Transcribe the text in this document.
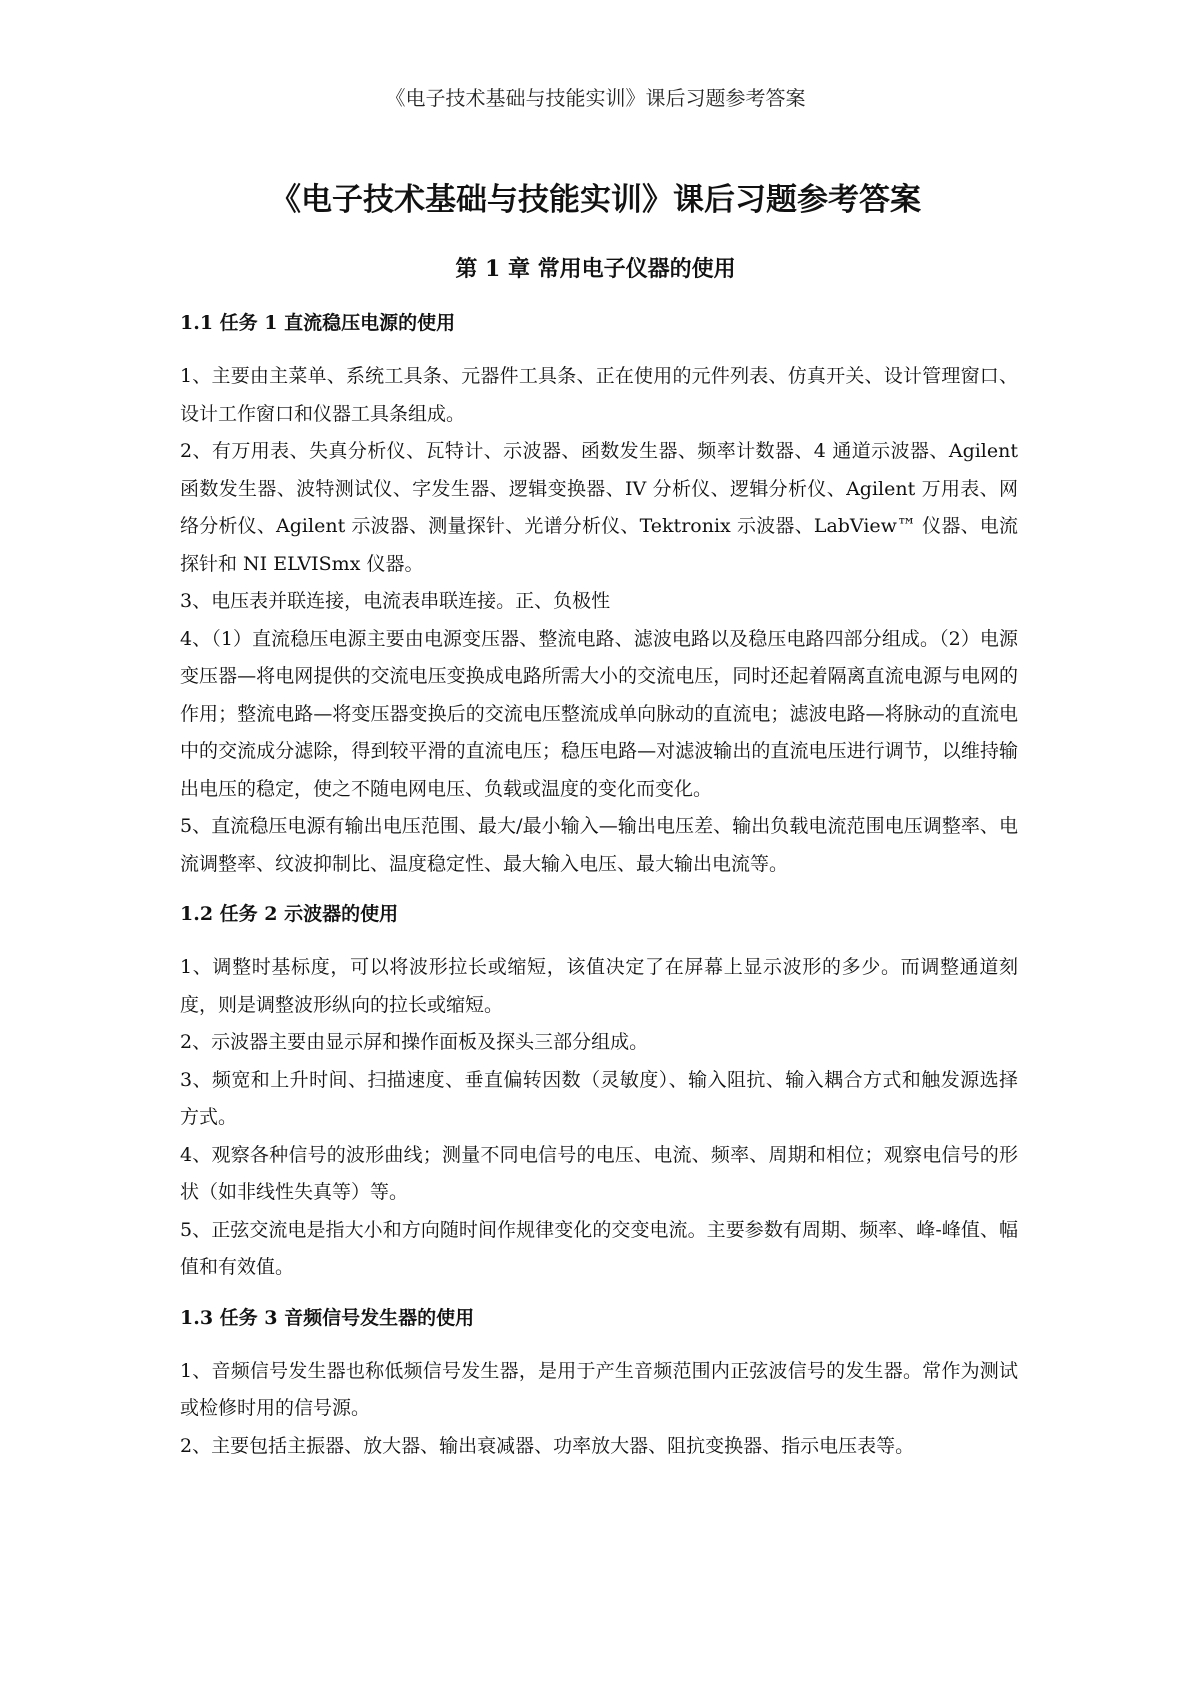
《电子技术基础与技能实训》课后习题参考答案
《电子技术基础与技能实训》课后习题参考答案
第 1 章 常用电子仪器的使用
1.1 任务 1 直流稳压电源的使用

1、主要由主菜单、系统工具条、元器件工具条、正在使用的元件列表、仿真开关、设计管理窗口、设计工作窗口和仪器工具条组成。

2、有万用表、失真分析仪、瓦特计、示波器、函数发生器、频率计数器、4 通道示波器、Agilent 函数发生器、波特测试仪、字发生器、逻辑变换器、IV 分析仪、逻辑分析仪、Agilent 万用表、网络分析仪、Agilent 示波器、测量探针、光谱分析仪、Tektronix 示波器、LabView™ 仪器、电流探针和 NI ELVISmx 仪器。

3、电压表并联连接，电流表串联连接。正、负极性

4、（1）直流稳压电源主要由电源变压器、整流电路、滤波电路以及稳压电路四部分组成。（2）电源变压器—将电网提供的交流电压变换成电路所需大小的交流电压，同时还起着隔离直流电源与电网的作用；整流电路—将变压器变换后的交流电压整流成单向脉动的直流电；滤波电路—将脉动的直流电中的交流成分滤除，得到较平滑的直流电压；稳压电路—对滤波输出的直流电压进行调节，以维持输出电压的稳定，使之不随电网电压、负载或温度的变化而变化。

5、直流稳压电源有输出电压范围、最大/最小输入—输出电压差、输出负载电流范围电压调整率、电流调整率、纹波抑制比、温度稳定性、最大输入电压、最大输出电流等。

1.2 任务 2 示波器的使用

1、调整时基标度，可以将波形拉长或缩短，该值决定了在屏幕上显示波形的多少。而调整通道刻度，则是调整波形纵向的拉长或缩短。

2、示波器主要由显示屏和操作面板及探头三部分组成。

3、频宽和上升时间、扫描速度、垂直偏转因数（灵敏度）、输入阻抗、输入耦合方式和触发源选择方式。

4、观察各种信号的波形曲线；测量不同电信号的电压、电流、频率、周期和相位；观察电信号的形状（如非线性失真等）等。

5、正弦交流电是指大小和方向随时间作规律变化的交变电流。主要参数有周期、频率、峰-峰值、幅值和有效值。

1.3 任务 3 音频信号发生器的使用

1、音频信号发生器也称低频信号发生器，是用于产生音频范围内正弦波信号的发生器。常作为测试或检修时用的信号源。

2、主要包括主振器、放大器、输出衰减器、功率放大器、阻抗变换器、指示电压表等。
